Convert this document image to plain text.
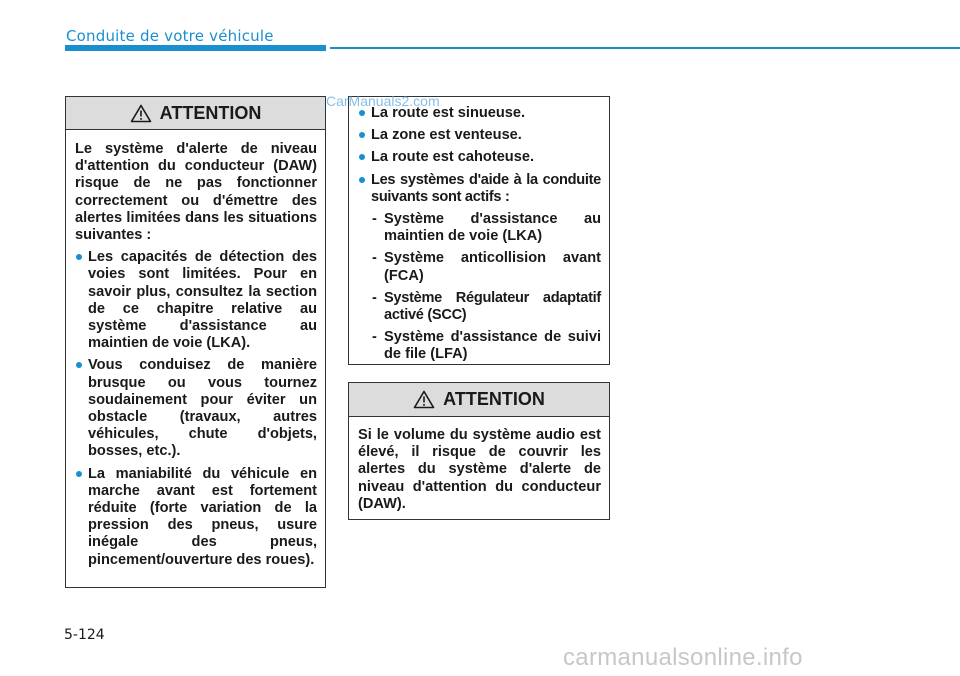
Conduite de votre véhicule
CarManuals2.com
ATTENTION

Le système d'alerte de niveau d'attention du conducteur (DAW) risque de ne pas fonctionner correctement ou d'émettre des alertes limitées dans les situations suivantes :

Les capacités de détection des voies sont limitées. Pour en savoir plus, consultez la section de ce chapitre relative au système d'assistance au maintien de voie (LKA).
Vous conduisez de manière brusque ou vous tournez soudainement pour éviter un obstacle (travaux, autres véhicules, chute d'objets, bosses, etc.).
La maniabilité du véhicule en marche avant est fortement réduite (forte variation de la pression des pneus, usure inégale des pneus, pincement/ouverture des roues).
La route est sinueuse.
La zone est venteuse.
La route est cahoteuse.
Les systèmes d'aide à la conduite suivants sont actifs :
- Système d'assistance au maintien de voie (LKA)
- Système anticollision avant (FCA)
- Système Régulateur adaptatif activé (SCC)
- Système d'assistance de suivi de file (LFA)
ATTENTION

Si le volume du système audio est élevé, il risque de couvrir les alertes du système d'alerte de niveau d'attention du conducteur (DAW).

5-124
carmanualsonline.info
